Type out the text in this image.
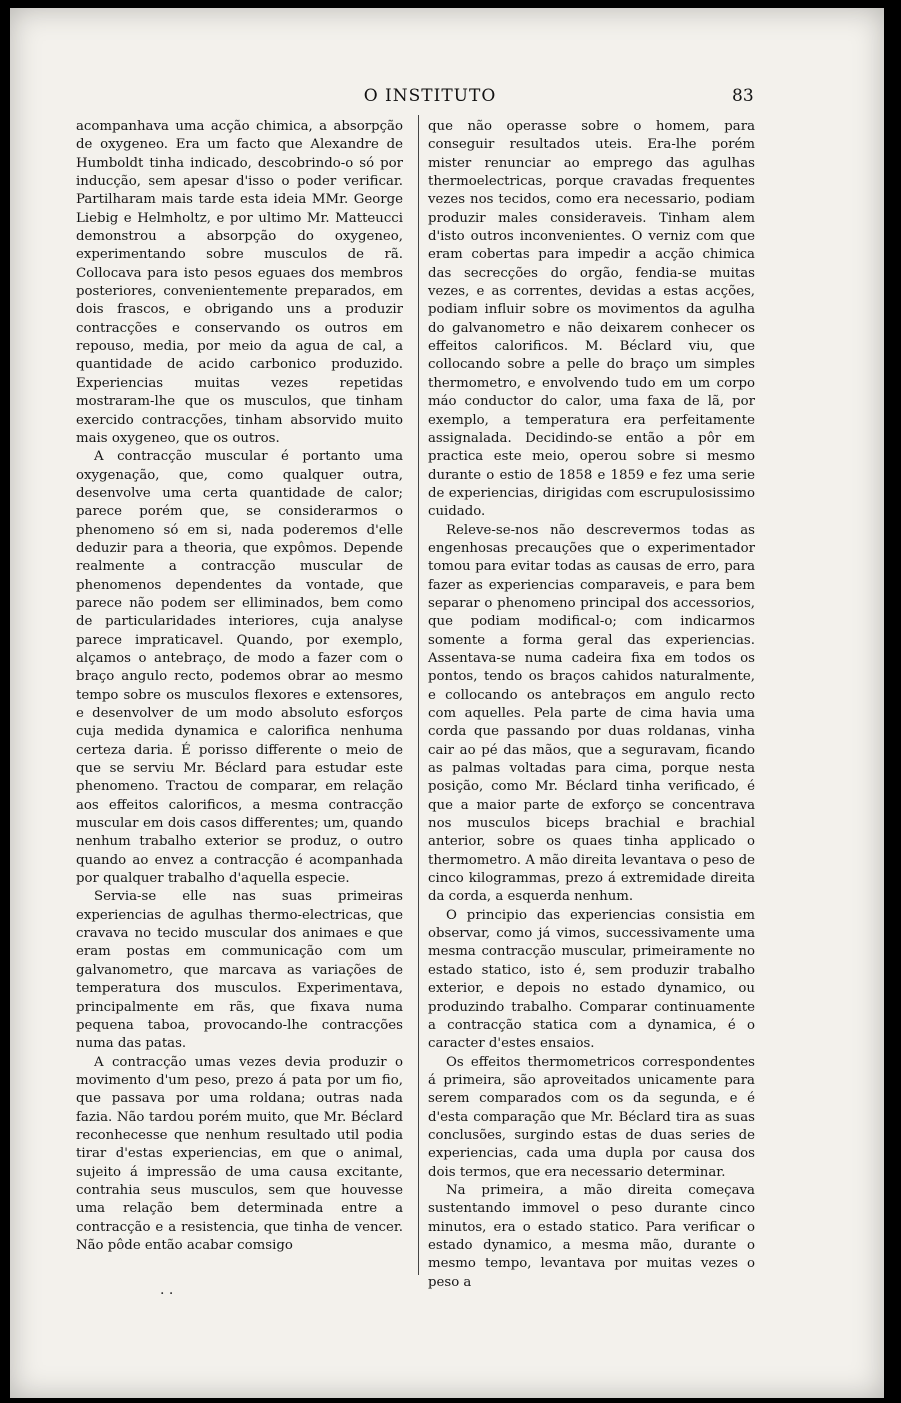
O INSTITUTO	83

acompanhava uma acção chimica, a absorpção de oxygeneo. Era um facto que Alexandre de Humboldt tinha indicado, descobrindo-o só por inducção, sem apesar d'isso o poder verificar. Partilharam mais tarde esta ideia MMr. George Liebig e Helmholtz, e por ultimo Mr. Matteucci demonstrou a absorpção do oxygeneo, experimentando sobre musculos de rã. Collocava para isto pesos eguaes dos membros posteriores, convenientemente preparados, em dois frascos, e obrigando uns a produzir contracções e conservando os outros em repouso, media, por meio da agua de cal, a quantidade de acido carbonico produzido. Experiencias muitas vezes repetidas mostraram-lhe que os musculos, que tinham exercido contracções, tinham absorvido muito mais oxygeneo, que os outros.

A contracção muscular é portanto uma oxygenação, que, como qualquer outra, desenvolve uma certa quantidade de calor; parece porém que, se considerarmos o phenomeno só em si, nada poderemos d'elle deduzir para a theoria, que expômos. Depende realmente a contracção muscular de phenomenos dependentes da vontade, que parece não podem ser elliminados, bem como de particularidades interiores, cuja analyse parece impraticavel. Quando, por exemplo, alçamos o antebraço, de modo a fazer com o braço angulo recto, podemos obrar ao mesmo tempo sobre os musculos flexores e extensores, e desenvolver de um modo absoluto esforços cuja medida dynamica e calorifica nenhuma certeza daria. É porisso differente o meio de que se serviu Mr. Béclard para estudar este phenomeno. Tractou de comparar, em relação aos effeitos calorificos, a mesma contracção muscular em dois casos differentes; um, quando nenhum trabalho exterior se produz, o outro quando ao envez a contracção é acompanhada por qualquer trabalho d'aquella especie.

Servia-se elle nas suas primeiras experiencias de agulhas thermo-electricas, que cravava no tecido muscular dos animaes e que eram postas em communicação com um galvanometro, que marcava as variações de temperatura dos musculos. Experimentava, principalmente em rãs, que fixava numa pequena taboa, provocando-lhe contracções numa das patas.

A contracção umas vezes devia produzir o movimento d'um peso, prezo á pata por um fio, que passava por uma roldana; outras nada fazia. Não tardou porém muito, que Mr. Béclard reconhecesse que nenhum resultado util podia tirar d'estas experiencias, em que o animal, sujeito á impressão de uma causa excitante, contrahia seus musculos, sem que houvesse uma relação bem determinada entre a contracção e a resistencia, que tinha de vencer. Não pôde então acabar comsigo

que não operasse sobre o homem, para conseguir resultados uteis. Era-lhe porém mister renunciar ao emprego das agulhas thermoelectricas, porque cravadas frequentes vezes nos tecidos, como era necessario, podiam produzir males consideraveis. Tinham alem d'isto outros inconvenientes. O verniz com que eram cobertas para impedir a acção chimica das secrecções do orgão, fendia-se muitas vezes, e as correntes, devidas a estas acções, podiam influir sobre os movimentos da agulha do galvanometro e não deixarem conhecer os effeitos calorificos. M. Béclard viu, que collocando sobre a pelle do braço um simples thermometro, e envolvendo tudo em um corpo máo conductor do calor, uma faxa de lã, por exemplo, a temperatura era perfeitamente assignalada. Decidindo-se então a pôr em practica este meio, operou sobre si mesmo durante o estio de 1858 e 1859 e fez uma serie de experiencias, dirigidas com escrupulosissimo cuidado.

Releve-se-nos não descrevermos todas as engenhosas precauções que o experimentador tomou para evitar todas as causas de erro, para fazer as experiencias comparaveis, e para bem separar o phenomeno principal dos accessorios, que podiam modifical-o; com indicarmos somente a forma geral das experiencias. Assentava-se numa cadeira fixa em todos os pontos, tendo os braços cahidos naturalmente, e collocando os antebraços em angulo recto com aquelles. Pela parte de cima havia uma corda que passando por duas roldanas, vinha cair ao pé das mãos, que a seguravam, ficando as palmas voltadas para cima, porque nesta posição, como Mr. Béclard tinha verificado, é que a maior parte de exforço se concentrava nos musculos biceps brachial e brachial anterior, sobre os quaes tinha applicado o thermometro. A mão direita levantava o peso de cinco kilogrammas, prezo á extremidade direita da corda, a esquerda nenhum.

O principio das experiencias consistia em observar, como já vimos, successivamente uma mesma contracção muscular, primeiramente no estado statico, isto é, sem produzir trabalho exterior, e depois no estado dynamico, ou produzindo trabalho. Comparar continuamente a contracção statica com a dynamica, é o caracter d'estes ensaios.

Os effeitos thermometricos correspondentes á primeira, são aproveitados unicamente para serem comparados com os da segunda, e é d'esta comparação que Mr. Béclard tira as suas conclusões, surgindo estas de duas series de experiencias, cada uma dupla por causa dos dois termos, que era necessario determinar.

Na primeira, a mão direita começava sustentando immovel o peso durante cinco minutos, era o estado statico. Para verificar o estado dynamico, a mesma mão, durante o mesmo tempo, levantava por muitas vezes o peso a

. .
